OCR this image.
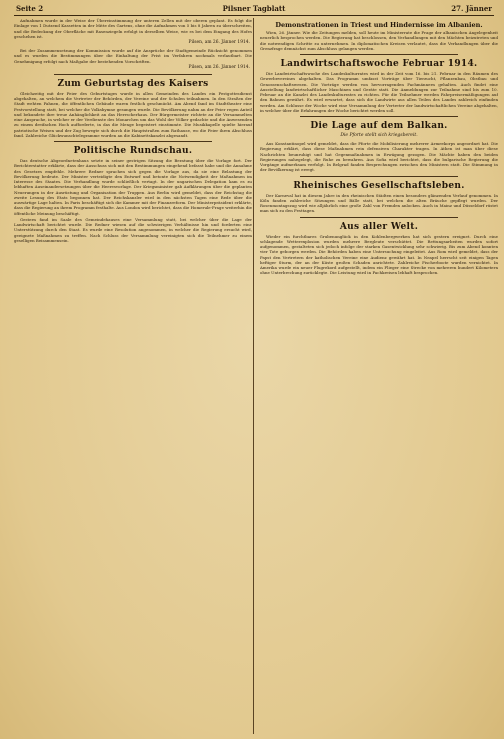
Seite 2	Pilsner Tagblatt	27. Jänner

Aufnahmen wurde in der Weise der Übereinstimmung der unteren Zellen mit der oberen geplant. Es folgt die Einlage von 1 Dutzend Kassetten in der Mitte des Gartens, ohne die Aufnahmen von 5 bis 8 Jahren zu überschreiten, und die Bedeckung der Oberfläche mit Rasenziegeln erfolgt in derselben Weise, wie es bei dem Eingang des Hofes geschehen ist.

Pilsen, am 26. Jänner 1914.

Bei der Zusammensetzung der Kommission wurde auf die Ansprüche der Stadtgemeinde Rücksicht genommen und es wurden die Bestimmungen über die Einhaltung der Frist im Verfahren nochmals verlautbart. Die Genehmigung erfolgt nach Maßgabe der bestehenden Vorschriften.

Pilsen, am 26. Jänner 1914.

Zum Geburtstag des Kaisers

Gleichzeitig mit der Feier des Geburtstages wurde in allen Gemeinden des Landes ein Festgottesdienst abgehalten, an welchem die Vertreter der Behörden, der Vereine und der Schulen teilnahmen. In den Straßen der Stadt wehten Fahnen, die öffentlichen Gebäude waren festlich geschmückt. Am Abend fand im Stadttheater eine Festvorstellung statt, bei welcher die Volkshymne gesungen wurde. Die Bevölkerung nahm an der Feier regen Anteil und bekundete ihre treue Anhänglichkeit an das Herrscherhaus. Der Bürgermeister richtete an die Versammelten eine Ansprache, in welcher er der Verdienste des Monarchen um das Wohl der Völker gedachte und die Anwesenden zu einem dreifachen Hoch aufforderte, in das die Menge begeistert einstimmte. Die Musikkapelle spielte hierauf patriotische Weisen und der Zug bewegte sich durch die Hauptstraßen zum Rathause, wo die Feier ihren Abschluss fand. Zahlreiche Glückwunschtelegramme wurden an die Kabinettskanzlei abgesandt.

Politische Rundschau.

Das deutsche Abgeordnetenhaus setzte in seiner gestrigen Sitzung die Beratung über die Vorlage fort. Der Berichterstatter erklärte, dass der Ausschuss sich mit den Bestimmungen eingehend befasst habe und die Annahme des Gesetzes empfehle. Mehrere Redner sprachen sich gegen die Vorlage aus, da sie eine Belastung der Bevölkerung bedeute. Der Minister verteidigte den Entwurf und betonte die Notwendigkeit der Maßnahmen im Interesse des Staates. Die Verhandlung wurde schließlich vertagt. In der ungarischen Delegation kam es zu lebhaften Auseinandersetzungen über die Heeresvorlage. Der Kriegsminister gab Aufklärungen über die geplanten Neuerungen in der Ausrüstung und Organisation der Truppen. Aus Berlin wird gemeldet, dass der Reichstag die zweite Lesung des Etats begonnen hat. Der Reichskanzler wird in den nächsten Tagen eine Rede über die auswärtige Lage halten. In Paris beschäftigt sich die Kammer mit der Finanzreform. Der Ministerpräsident erklärte, dass die Regierung an ihrem Programm festhalte. Aus London wird berichtet, dass die Homerule-Frage weiterhin die öffentliche Meinung beschäftigt.

Gestern fand im Saale des Gemeindehauses eine Versammlung statt, bei welcher über die Lage der Landwirtschaft berichtet wurde. Die Redner wiesen auf die schwierigen Verhältnisse hin und forderten eine Unterstützung durch den Staat. Es wurde eine Resolution angenommen, in welcher die Regierung ersucht wird, geeignete Maßnahmen zu treffen. Nach Schluss der Versammlung vereinigten sich die Teilnehmer zu einem geselligen Beisammensein.

Demonstrationen in Triest und Hindernisse im Albanien.

Wien, 26. Jänner. Wie die Zeitungen melden, soll heute im Ministerrate die Frage der albanischen Angelegenheit neuerlich besprochen werden. Die Regierung hat beschlossen, den Verhandlungen mit den Mächten beizutreten und die notwendigen Schritte zu unternehmen. In diplomatischen Kreisen verlautet, dass die Verhandlungen über die Grenzfrage demnächst zum Abschluss gelangen werden.

Landwirtschaftswoche Februar 1914.

Die Landwirtschaftswoche des Landeskulturrates wird in der Zeit vom 16. bis 21. Februar in den Räumen des Gewerbevereines abgehalten. Das Programm umfasst Vorträge über Tierzucht, Pflanzenbau, Obstbau und Genossenschaftswesen. Die Vorträge werden von hervorragenden Fachmännern gehalten. Auch findet eine Ausstellung landwirtschaftlicher Maschinen und Geräte statt. Die Anmeldungen zur Teilnahme sind bis zum 10. Februar an die Kanzlei des Landeskulturrates zu richten. Für die Teilnehmer werden Fahrpreisermäßigungen auf den Bahnen gewährt. Es wird erwartet, dass sich die Landwirte aus allen Teilen des Landes zahlreich einfinden werden. Am Schlusse der Woche wird eine Versammlung der Vertreter der landwirtschaftlichen Vereine abgehalten, in welcher über die Erfahrungen der Woche berichtet werden soll.

Die Lage auf dem Balkan.
Die Pforte stellt sich kriegsbereit.

Aus Konstantinopel wird gemeldet, dass die Pforte die Mobilisierung mehrerer Armeekorps angeordnet hat. Die Regierung erklärt, dass diese Maßnahmen rein defensiven Charakter tragen. In Athen ist man über diese Nachrichten beunruhigt und hat Gegenmaßnahmen in Erwägung gezogen. Die Mächte haben den beiden Regierungen nahegelegt, die Ruhe zu bewahren. Aus Sofia wird berichtet, dass die bulgarische Regierung die Vorgänge aufmerksam verfolgt. In Belgrad fanden Besprechungen zwischen den Ministern statt. Die Stimmung in der Bevölkerung ist erregt.

Rheinisches Gesellschaftsleben.

Der Karneval hat in diesem Jahre in den rheinischen Städten einen besonders glänzenden Verlauf genommen. In Köln fanden zahlreiche Sitzungen und Bälle statt, bei welchen die alten Bräuche gepflegt wurden. Der Rosenmontagszug wird wie alljährlich eine große Zahl von Fremden anlocken. Auch in Mainz und Düsseldorf rüstet man sich zu den Festtagen.

Aus aller Welt.

Wieder ein furchtbares Grubenunglück in den Kohlenbergwerken hat sich gestern ereignet. Durch eine schlagende Wetterexplosion wurden mehrere Bergleute verschüttet. Die Rettungsarbeiten wurden sofort aufgenommen, gestalteten sich jedoch infolge der starken Gasentwicklung sehr schwierig. Bis zum Abend konnten vier Tote geborgen werden. Die Behörden haben eine Untersuchung eingeleitet. Aus Rom wird gemeldet, dass der Papst den Vertretern der katholischen Vereine eine Audienz gewährt hat. In Neapel herrscht seit einigen Tagen heftiger Sturm, der an der Küste großen Schaden anrichtete. Zahlreiche Fischerboote wurden vernichtet. In Amerika wurde ein neuer Flugrekord aufgestellt, indem ein Flieger eine Strecke von mehreren hundert Kilometern ohne Unterbrechung zurücklegte. Die Leistung wird in Fachkreisen lebhaft besprochen.
